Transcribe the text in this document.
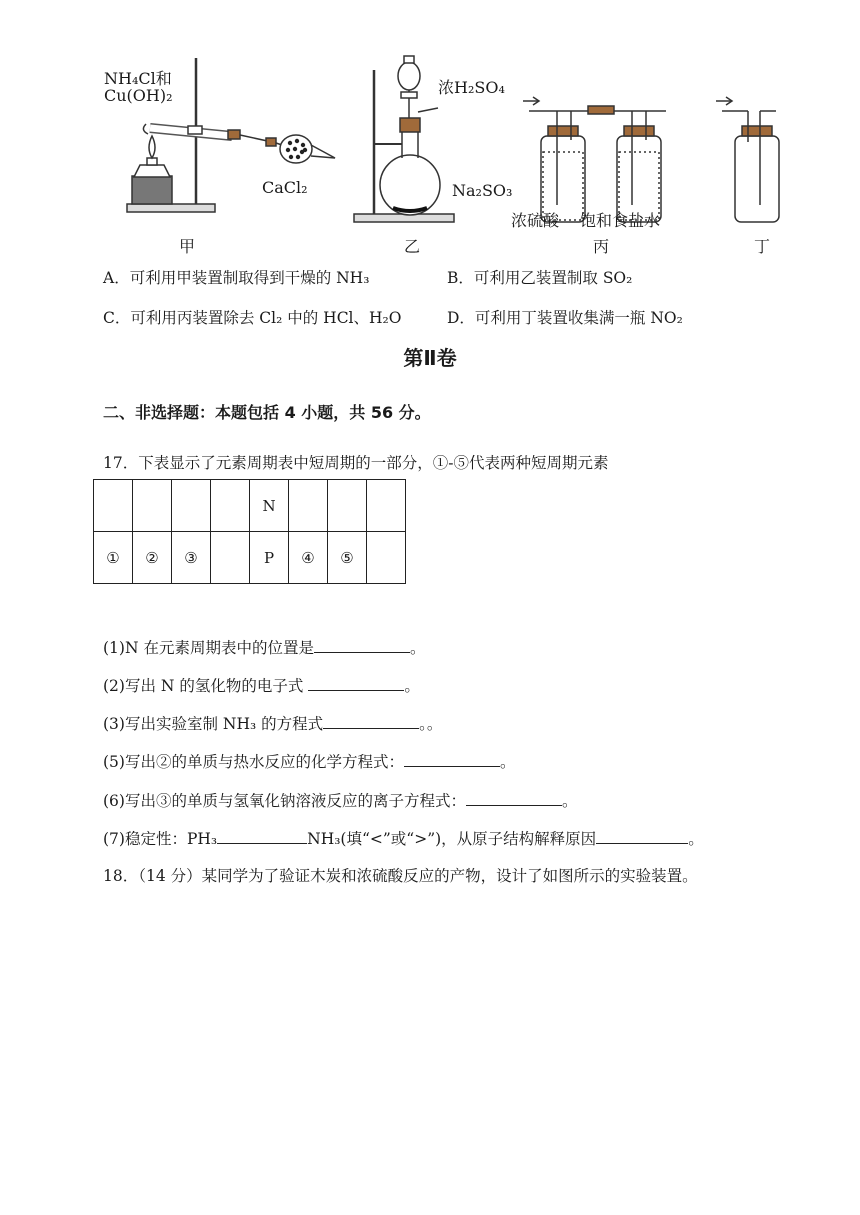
NH₄Cl和
Cu(OH)₂
CaCl₂
浓H₂SO₄
Na₂SO₃
浓硫酸 饱和食盐水
甲	乙	丙	丁
A．可利用甲装置制取得到干燥的 NH₃	B．可利用乙装置制取 SO₂
C．可利用丙装置除去 Cl₂ 中的 HCl、H₂O	D．可利用丁装置收集满一瓶 NO₂
第Ⅱ卷
二、非选择题：本题包括 4 小题，共 56 分。
17．下表显示了元素周期表中短周期的一部分，①-⑤代表两种短周期元素
				N			
①	②	③		P	④	⑤	
(1)N 在元素周期表中的位置是	。
(2)写出 N 的氢化物的电子式	。
(3)写出实验室制 NH₃ 的方程式	。。
(5)写出②的单质与热水反应的化学方程式：	。
(6)写出③的单质与氢氧化钠溶液反应的离子方程式：	。
(7)稳定性：PH₃	NH₃(填“<”或“>”)，从原子结构解释原因	。
18．（14 分）某同学为了验证木炭和浓硫酸反应的产物，设计了如图所示的实验装置。
